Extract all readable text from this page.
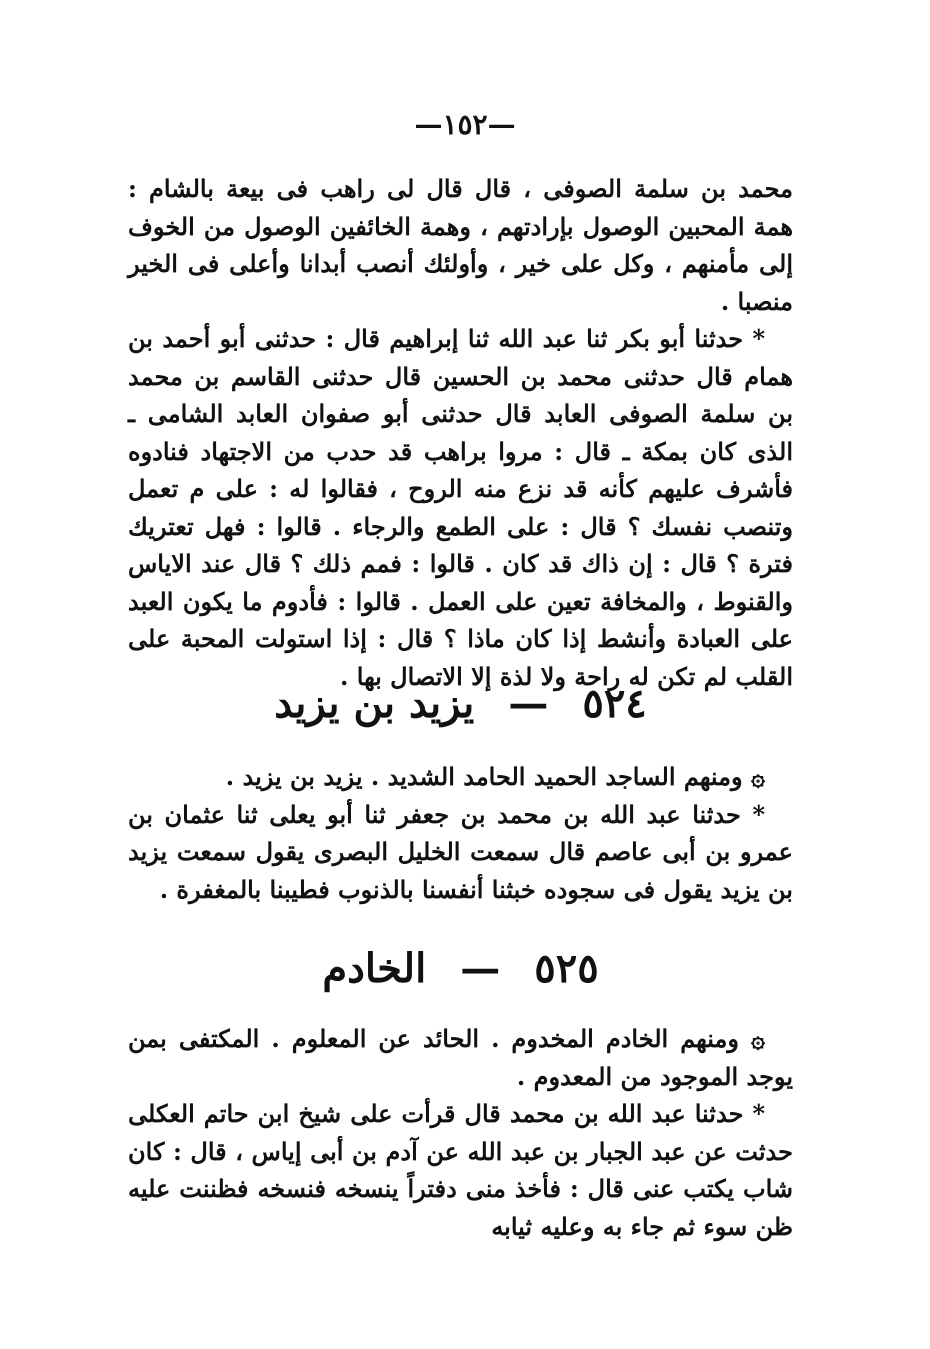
—١٥٢—

محمد بن سلمة الصوفى ، قال قال لى راهب فى بيعة بالشام : همة المحبين الوصول بإرادتهم ، وهمة الخائفين الوصول من الخوف إلى مأمنهم ، وكل على خير ، وأولئك أنصب أبدانا وأعلى فى الخير منصبا .

* حدثنا أبو بكر ثنا عبد الله ثنا إبراهيم قال : حدثنى أبو أحمد بن همام قال حدثنى محمد بن الحسين قال حدثنى القاسم بن محمد بن سلمة الصوفى العابد قال حدثنى أبو صفوان العابد الشامى ـ الذى كان بمكة ـ قال : مروا براهب قد حدب من الاجتهاد فنادوه فأشرف عليهم كأنه قد نزع منه الروح ، فقالوا له : على م تعمل وتنصب نفسك ؟ قال : على الطمع والرجاء . قالوا : فهل تعتريك فترة ؟ قال : إن ذاك قد كان . قالوا : فمم ذلك ؟ قال عند الاياس والقنوط ، والمخافة تعين على العمل . قالوا : فأدوم ما يكون العبد على العبادة وأنشط إذا كان ماذا ؟ قال : إذا استولت المحبة على القلب لم تكن له راحة ولا لذة إلا الاتصال بها .

٥٢٤—يزيد بن يزيد

۞ ومنهم الساجد الحميد الحامد الشديد . يزيد بن يزيد .

* حدثنا عبد الله بن محمد بن جعفر ثنا أبو يعلى ثنا عثمان بن عمرو بن أبى عاصم قال سمعت الخليل البصرى يقول سمعت يزيد بن يزيد يقول فى سجوده خبثنا أنفسنا بالذنوب فطيبنا بالمغفرة .

٥٢٥—الخادم

۞ ومنهم الخادم المخدوم . الحائد عن المعلوم . المكتفى بمن يوجد الموجود من المعدوم .

* حدثنا عبد الله بن محمد قال قرأت على شيخ ابن حاتم العكلى حدثت عن عبد الجبار بن عبد الله عن آدم بن أبى إياس ، قال : كان شاب يكتب عنى قال : فأخذ منى دفتراً ينسخه فنسخه فظننت عليه ظن سوء ثم جاء به وعليه ثيابه
